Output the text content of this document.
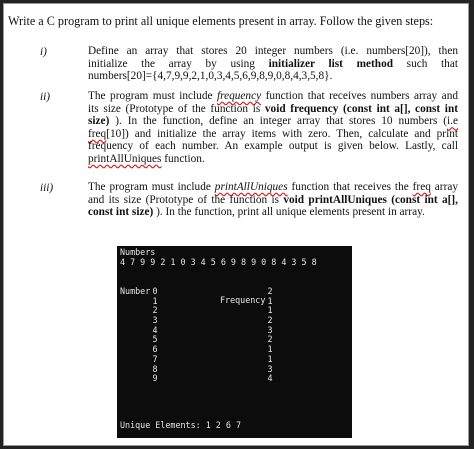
Write a C program to print all unique elements present in array. Follow the given steps:
i)	Define an array that stores 20 integer numbers (i.e. numbers[20]), then
initialize the array by using initializer list method such that
numbers[20]={4,7,9,9,2,1,0,3,4,5,6,9,8,9,0,8,4,3,5,8}.
ii)	The program must include frequency function that receives numbers array and
its size (Prototype of the function is void frequency (const int a[], const int
size) ). In the function, define an integer array that stores 10 numbers (i.e
freq[10]) and initialize the array items with zero. Then, calculate and print
frequency of each number. An example output is given below. Lastly, call
printAllUniques function.
iii)	The program must include printAllUniques function that receives the freq array
and its size (Prototype of the function is void printAllUniques (const int a[],
const int size) ). In the function, print all unique elements present in array.
Numbers
4 7 9 9 2 1 0 3 4 5 6 9 8 9 0 8 4 3 5 8

Number

Frequency

0	2
1	1
2	1
3	2
4	3
5	2
6	1
7	1
8	3
9	4
Unique Elements: 1 2 6 7
